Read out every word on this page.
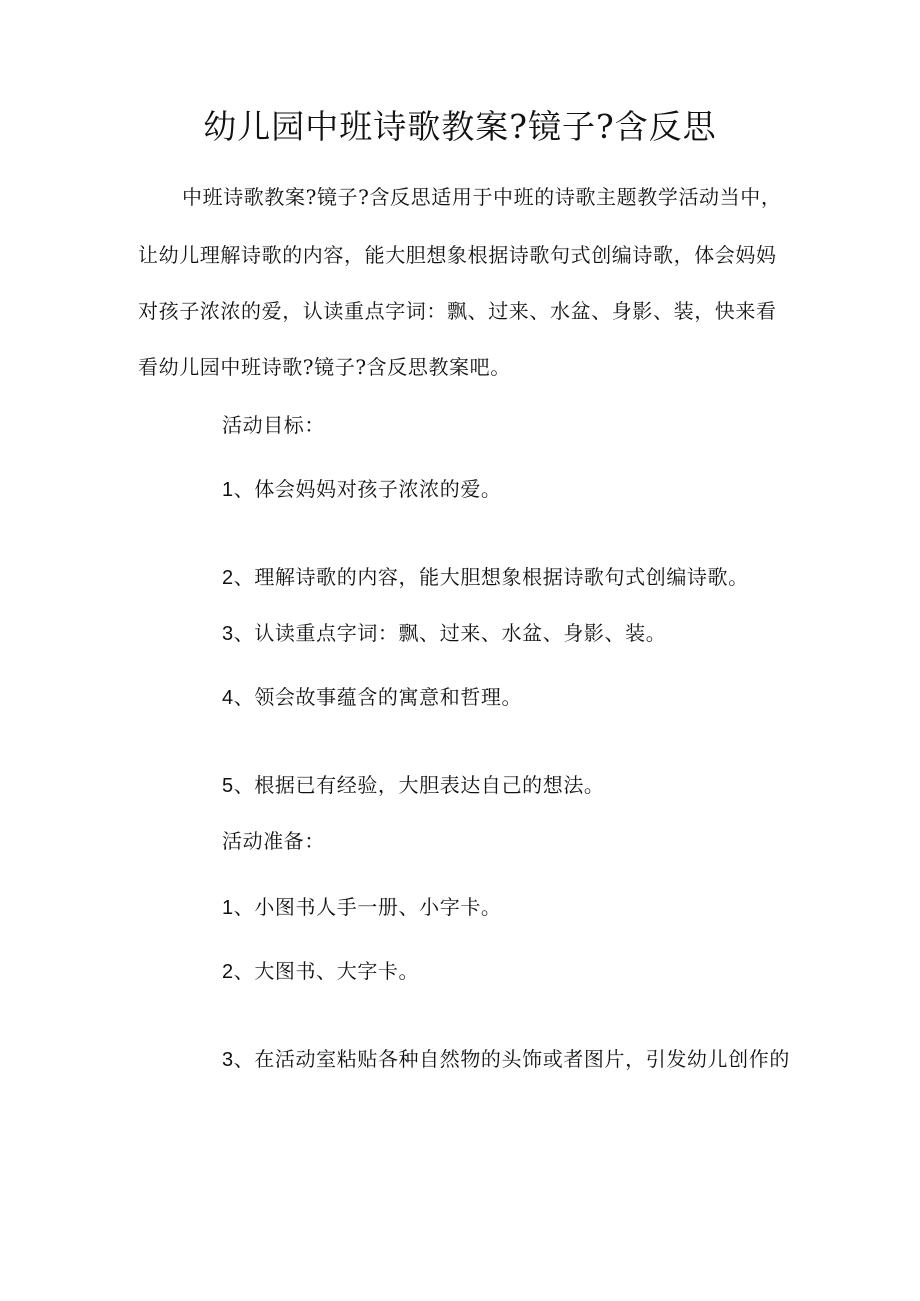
幼儿园中班诗歌教案?镜子?含反思
中班诗歌教案?镜子?含反思适用于中班的诗歌主题教学活动当中，
让幼儿理解诗歌的内容，能大胆想象根据诗歌句式创编诗歌，体会妈妈
对孩子浓浓的爱，认读重点字词：飘、过来、水盆、身影、装，快来看
看幼儿园中班诗歌?镜子?含反思教案吧。
活动目标：
1、体会妈妈对孩子浓浓的爱。
2、理解诗歌的内容，能大胆想象根据诗歌句式创编诗歌。
3、认读重点字词：飘、过来、水盆、身影、装。
4、领会故事蕴含的寓意和哲理。
5、根据已有经验，大胆表达自己的想法。
活动准备：
1、小图书人手一册、小字卡。
2、大图书、大字卡。
3、在活动室粘贴各种自然物的头饰或者图片，引发幼儿创作的
